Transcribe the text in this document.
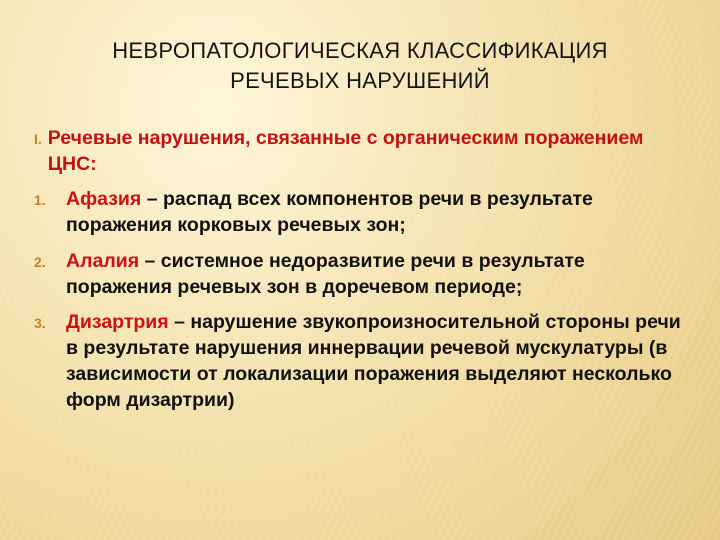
НЕВРОПАТОЛОГИЧЕСКАЯ КЛАССИФИКАЦИЯ
РЕЧЕВЫХ НАРУШЕНИЙ
I. Речевые нарушения, связанные с органическим поражением ЦНС:
1.	Афазия – распад всех компонентов речи в результате поражения корковых речевых зон;
2.	Алалия – системное недоразвитие речи в результате поражения речевых зон в доречевом периоде;
3.	Дизартрия – нарушение звукопроизносительной стороны речи в результате нарушения иннервации речевой мускулатуры (в зависимости от локализации поражения выделяют несколько форм дизартрии)
